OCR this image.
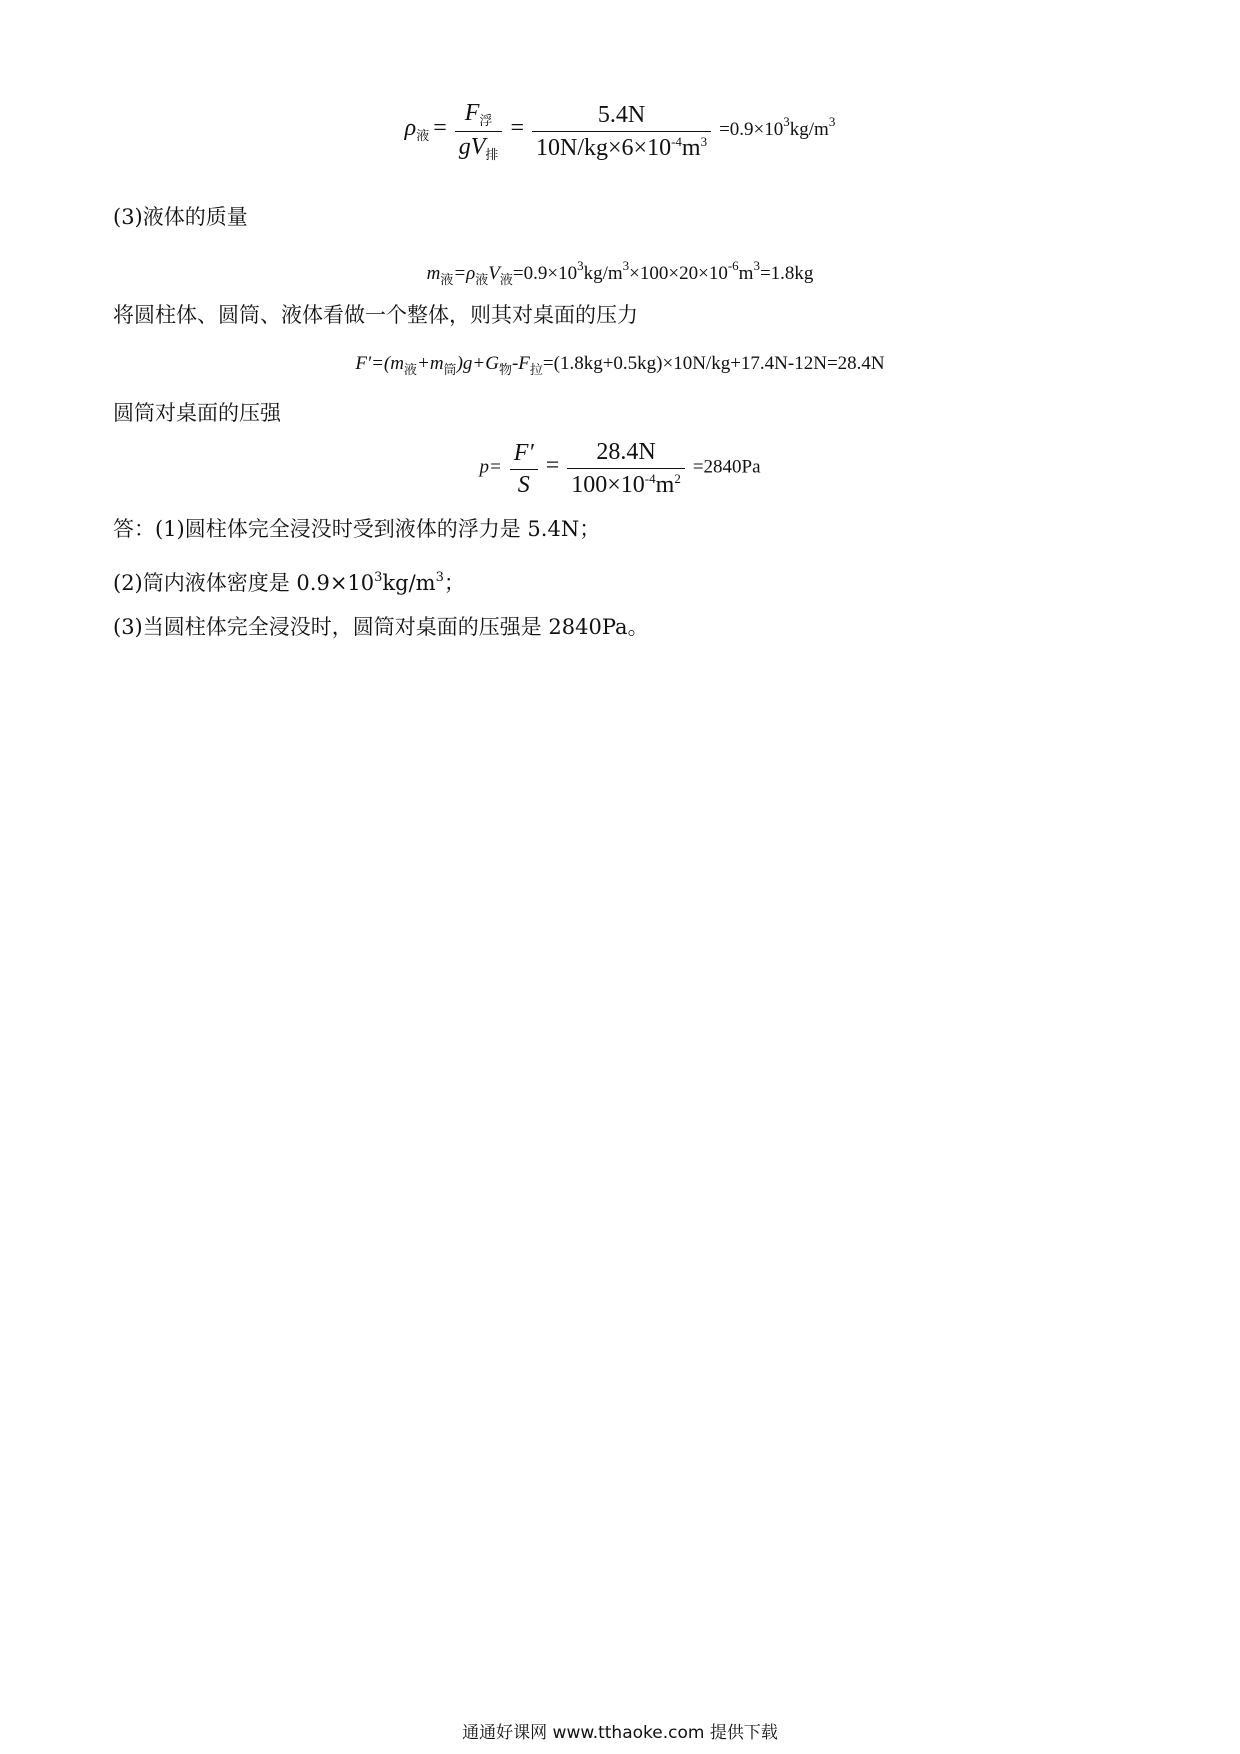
$\rho_液 = \frac{F_浮}{gV_排} = \frac{5.4N}{10N/kg\times 6\times 10^{-4}m^3} =0.9\times 10^3kg/m^3$
(3)液体的质量
$m_液=\rho_液V_液=0.9\times 10^3kg/m^3\times 100\times 20\times 10^{-6}m^3=1.8kg$
将圆柱体、圆筒、液体看做一个整体，则其对桌面的压力
$F'=(m_液+m_筒)g+G_物-F_拉=(1.8kg+0.5kg)\times 10N/kg+17.4N-12N=28.4N$
圆筒对桌面的压强
$p= \frac{F'}{S} = \frac{28.4N}{100\times 10^{-4}m^2} =2840Pa$
答：(1)圆柱体完全浸没时受到液体的浮力是 5.4N；
(2)筒内液体密度是 $0.9\times 10^3kg/m^3$；
(3)当圆柱体完全浸没时，圆筒对桌面的压强是 2840Pa。
通通好课网 www.tthaoke.com 提供下载
